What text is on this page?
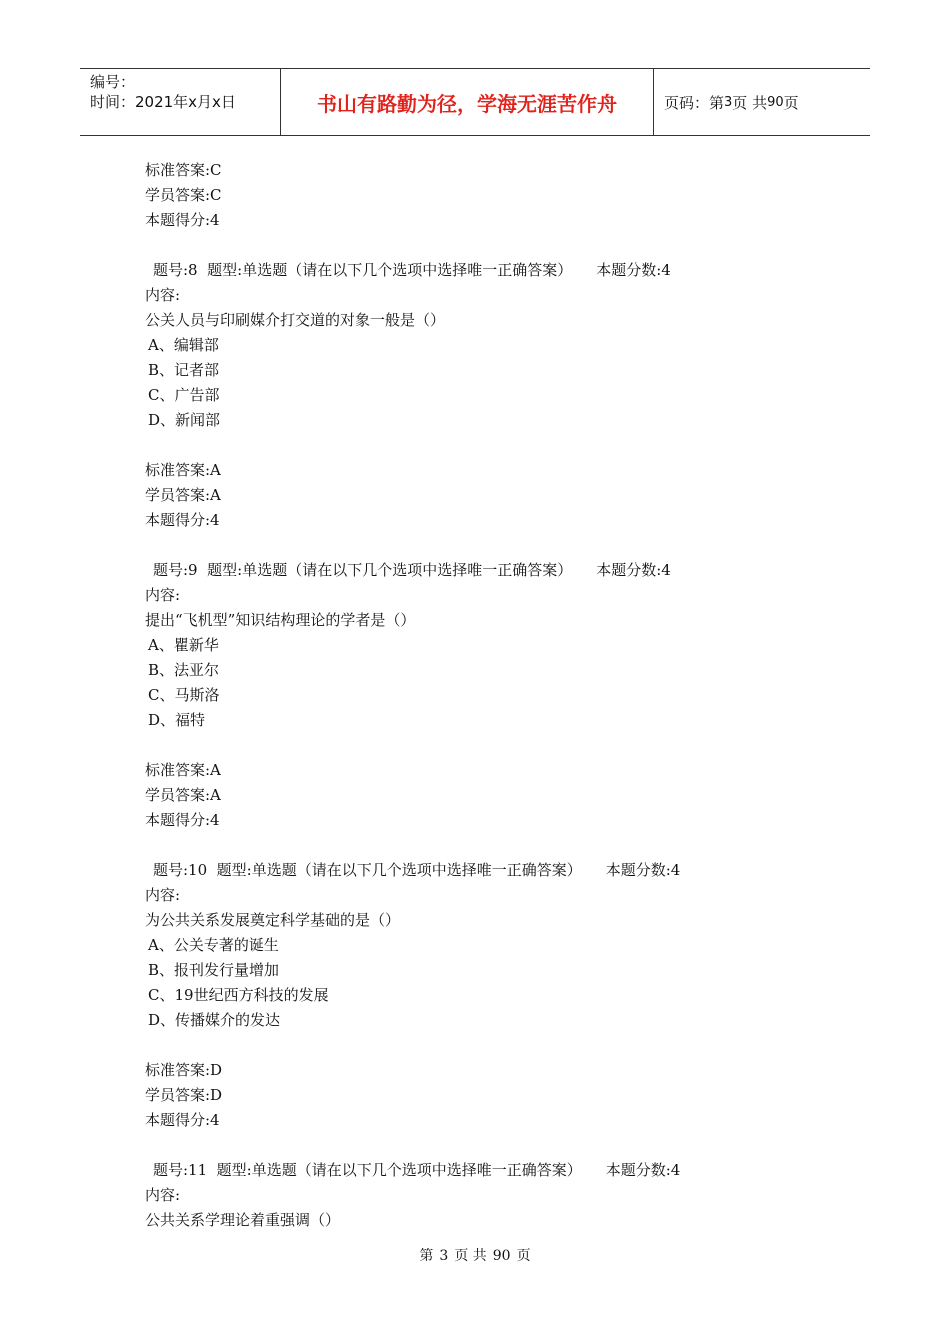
编号：
时间：2021年x月x日	书山有路勤为径，学海无涯苦作舟	页码：第 3 页 共 90 页
标准答案:C
学员答案:C
本题得分:4
题号:8  题型:单选题（请在以下几个选项中选择唯一正确答案） 本题分数:4
内容:
公关人员与印刷媒介打交道的对象一般是（）
A、编辑部
B、记者部
C、广告部
D、新闻部
标准答案:A
学员答案:A
本题得分:4
题号:9  题型:单选题（请在以下几个选项中选择唯一正确答案） 本题分数:4
内容:
提出“飞机型”知识结构理论的学者是（）
A、瞿新华
B、法亚尔
C、马斯洛
D、福特
标准答案:A
学员答案:A
本题得分:4
题号:10  题型:单选题（请在以下几个选项中选择唯一正确答案） 本题分数:4
内容:
为公共关系发展奠定科学基础的是（）
A、公关专著的诞生
B、报刊发行量增加
C、19世纪西方科技的发展
D、传播媒介的发达
标准答案:D
学员答案:D
本题得分:4
题号:11  题型:单选题（请在以下几个选项中选择唯一正确答案） 本题分数:4
内容:
公共关系学理论着重强调（）
第 3 页 共 90 页
